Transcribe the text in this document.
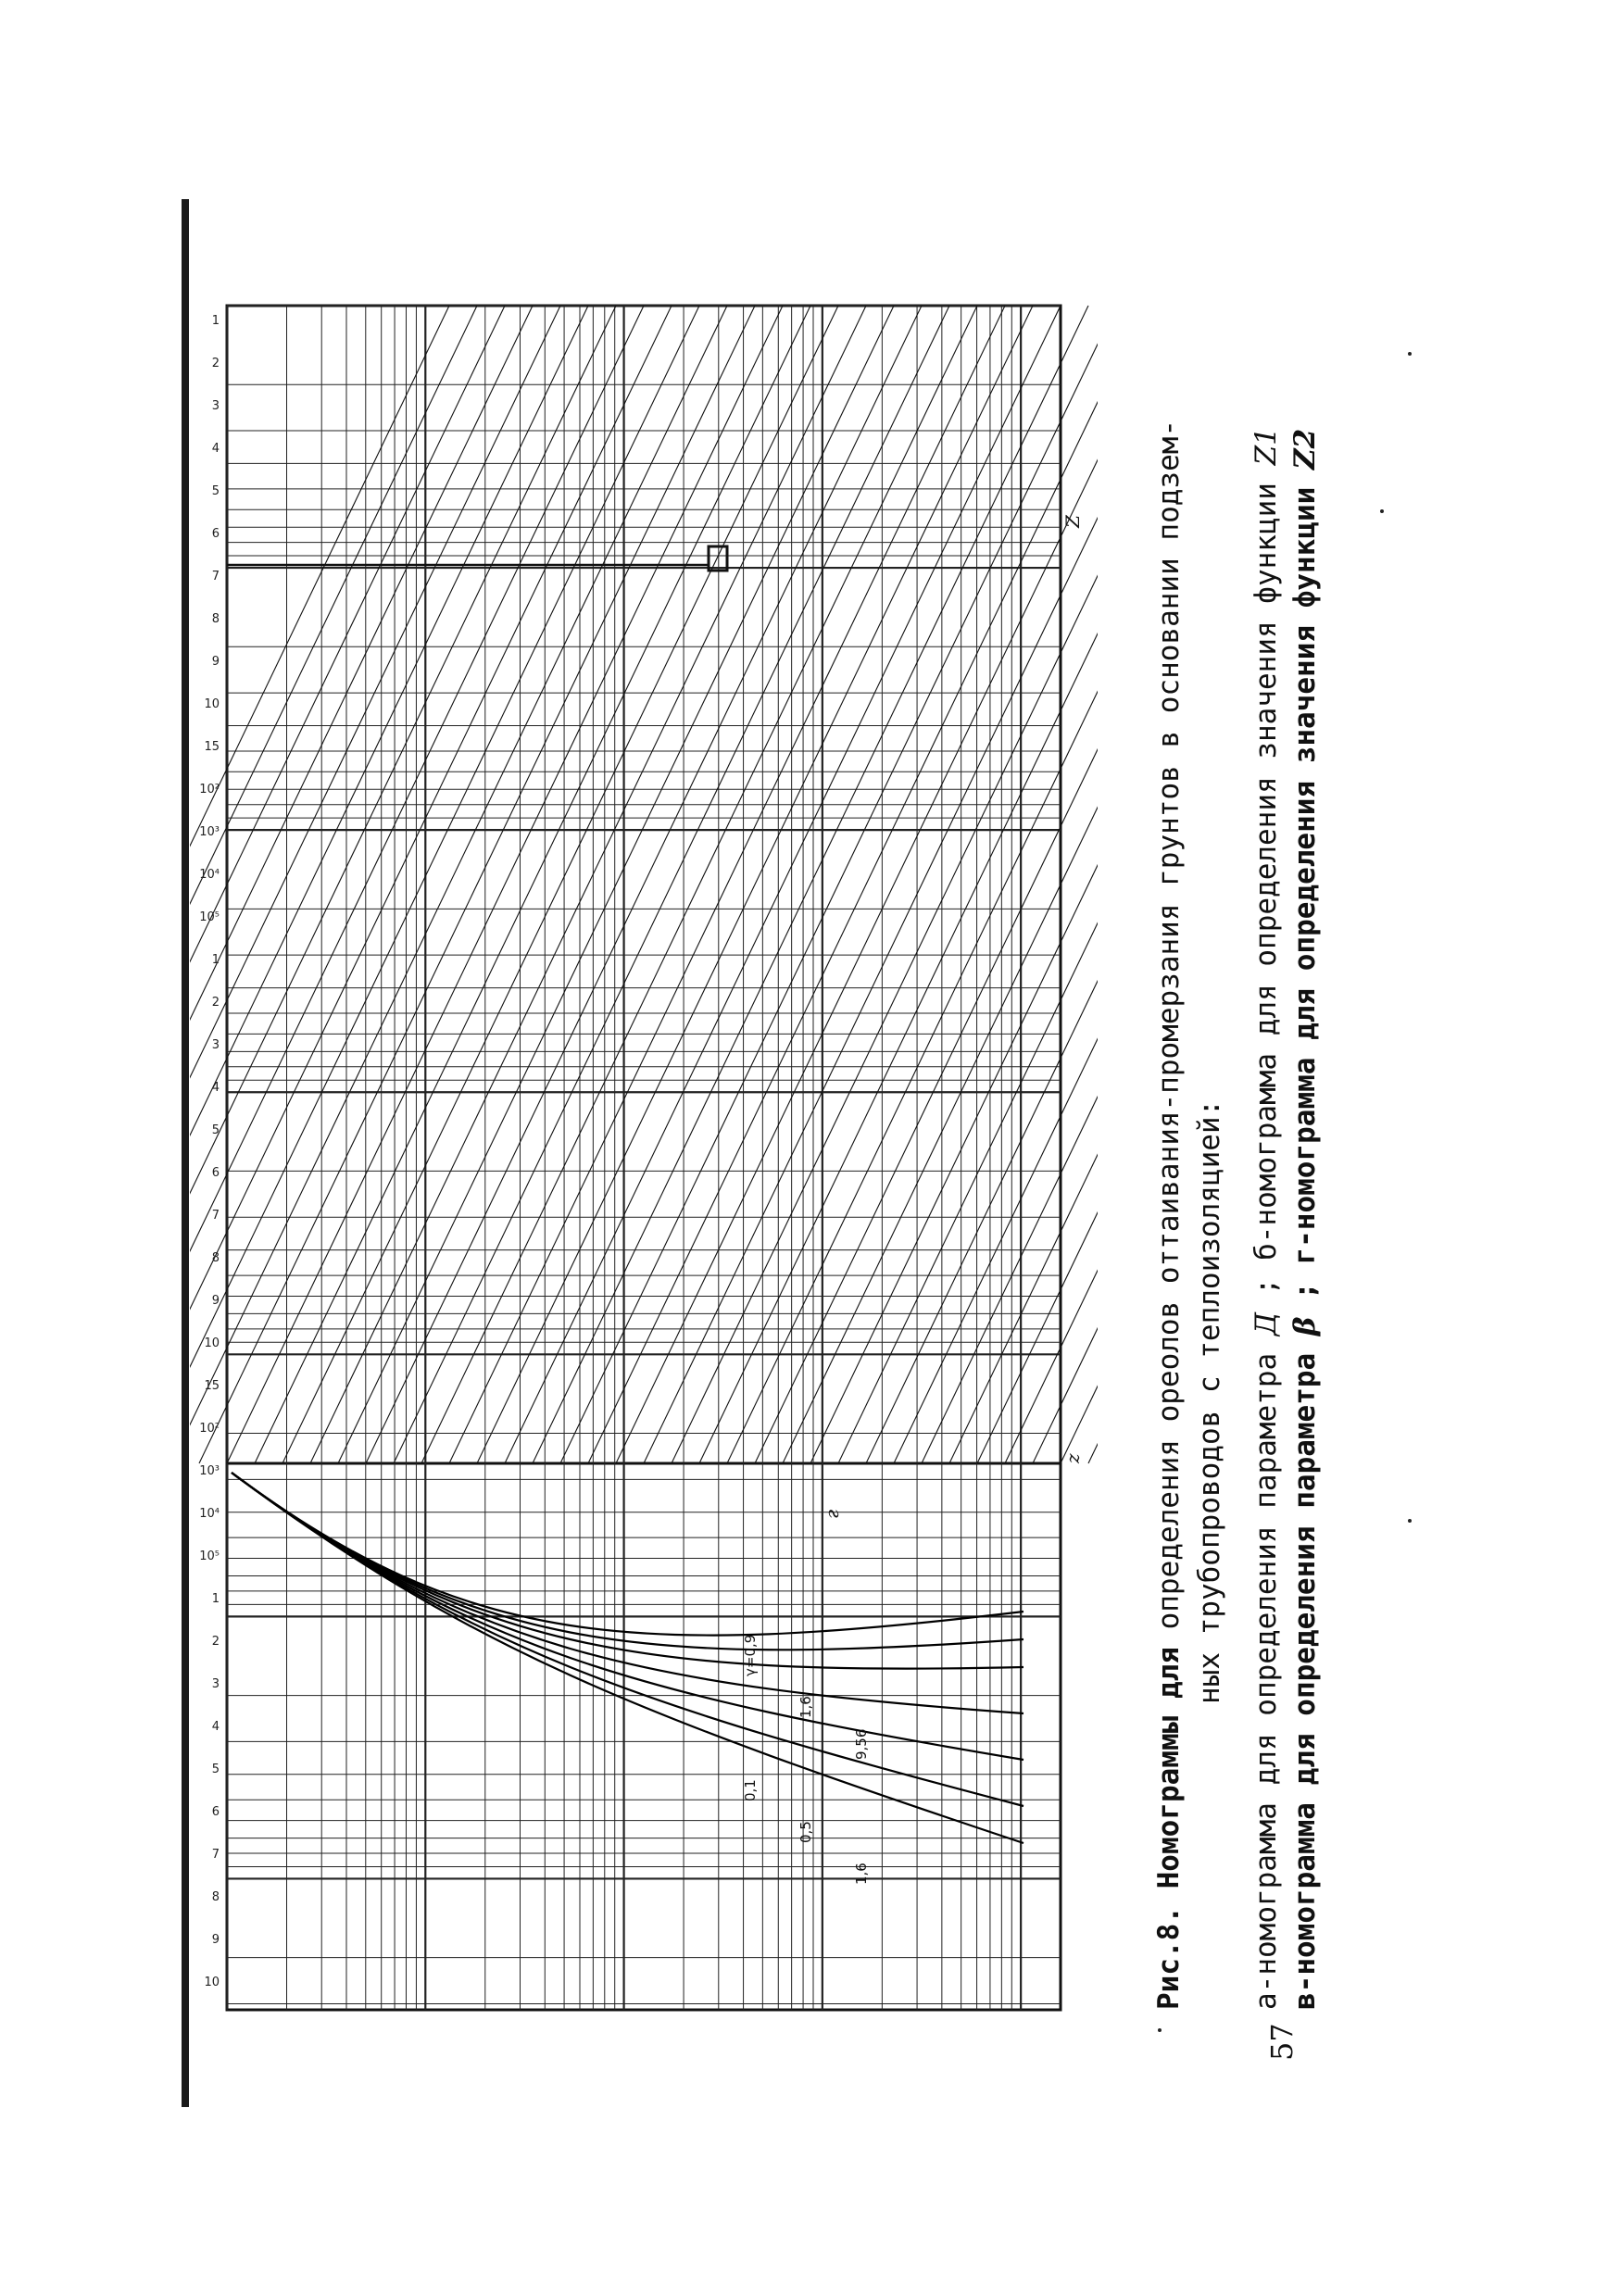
1
2
3
4
5
6
7
8
9
10
15
10²
10³
10⁴
10⁵
1
2
3
4
5
6
7
8
9
10
15
10²
10³
10⁴
10⁵
1
2
3
4
5
6
7
8
9
10
γ=0,9
1,6
9,56
0,1
0,5
1,6
Z
z
г
Рис.8. Номограммы для определения ореолов оттаивания-промерзания грунтов в основании подзем- ных трубопроводов с теплоизоляцией: а-номограмма для определения параметра Д ; б-номограмма для определения значения функции Z1
в-номограмма для определения параметра β ; г-номограмма для определения значения функции Z2
57
